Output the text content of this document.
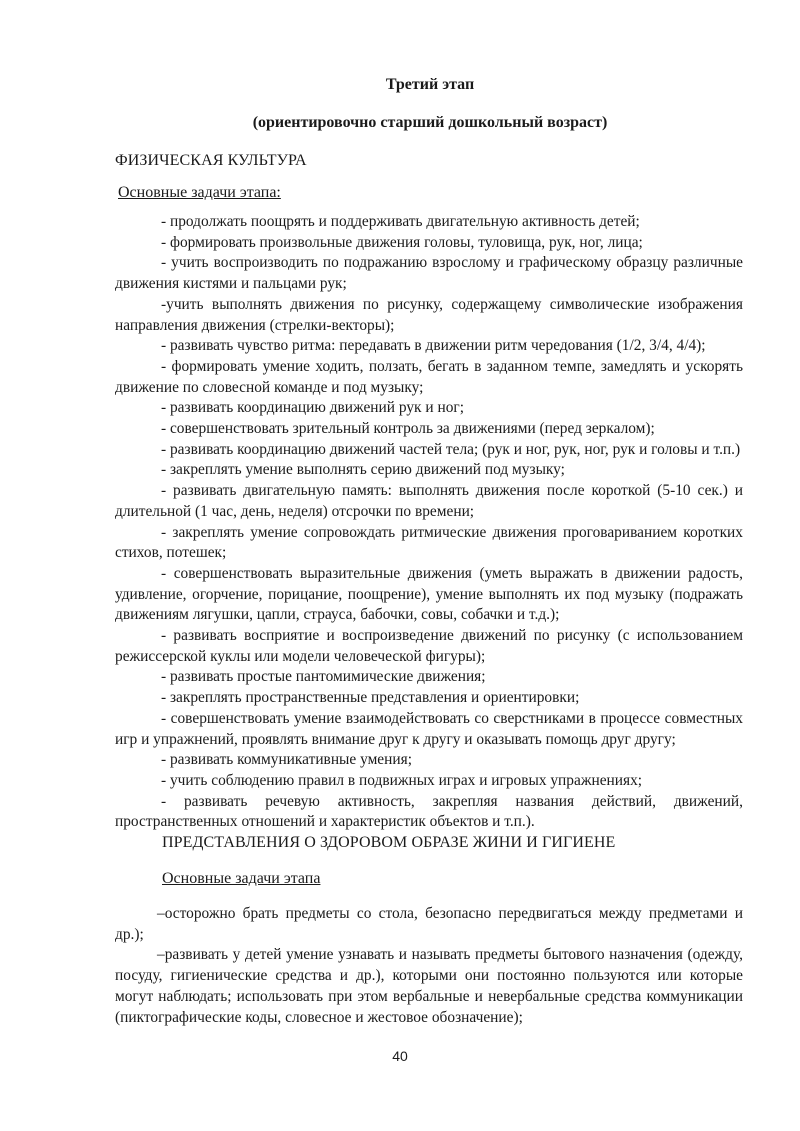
Третий этап
(ориентировочно старший дошкольный возраст)
ФИЗИЧЕСКАЯ КУЛЬТУРА
Основные задачи этапа:

- продолжать поощрять и поддерживать двигательную активность детей;

- формировать произвольные движения головы, туловища, рук, ног, лица;

- учить воспроизводить по подражанию взрослому и графическому образцу различные движения кистями и пальцами рук;

-учить выполнять движения по рисунку, содержащему символические изображения направления движения (стрелки-векторы);

- развивать чувство ритма: передавать в движении ритм чередования (1/2, 3/4, 4/4);

- формировать умение ходить, ползать, бегать в заданном темпе, замедлять и ускорять движение по словесной команде и под музыку;

- развивать координацию движений рук и ног;

- совершенствовать зрительный контроль за движениями (перед зеркалом);

- развивать координацию движений частей тела; (рук и ног, рук, ног, рук и головы и т.п.)

- закреплять умение выполнять серию движений под музыку;

- развивать двигательную память: выполнять движения после короткой (5-10 сек.) и длительной (1 час, день, неделя) отсрочки по времени;

- закреплять умение сопровождать ритмические движения проговариванием коротких стихов, потешек;

- совершенствовать выразительные движения (уметь выражать в движении радость, удивление, огорчение, порицание, поощрение), умение выполнять их под музыку (подражать движениям лягушки, цапли, страуса, бабочки, совы, собачки и т.д.);

- развивать восприятие и воспроизведение движений по рисунку (с использованием режиссерской куклы или модели человеческой фигуры);

- развивать простые пантомимические движения;

- закреплять пространственные представления и ориентировки;

- совершенствовать умение взаимодействовать со сверстниками в процессе совместных игр и упражнений, проявлять внимание друг к другу и оказывать помощь друг другу;

- развивать коммуникативные умения;

- учить соблюдению правил в подвижных играх и игровых упражнениях;

- развивать речевую активность, закрепляя названия действий, движений, пространственных отношений и характеристик объектов и т.п.).

ПРЕДСТАВЛЕНИЯ О ЗДОРОВОМ ОБРАЗЕ ЖИНИ И ГИГИЕНЕ
Основные задачи этапа

–осторожно брать предметы со стола, безопасно передвигаться между предметами и др.);

–развивать у детей умение узнавать и называть предметы бытового назначения (одежду, посуду, гигиенические средства и др.), которыми они постоянно пользуются или которые могут наблюдать; использовать при этом вербальные и невербальные средства коммуникации (пиктографические коды, словесное и жестовое обозначение);

40
